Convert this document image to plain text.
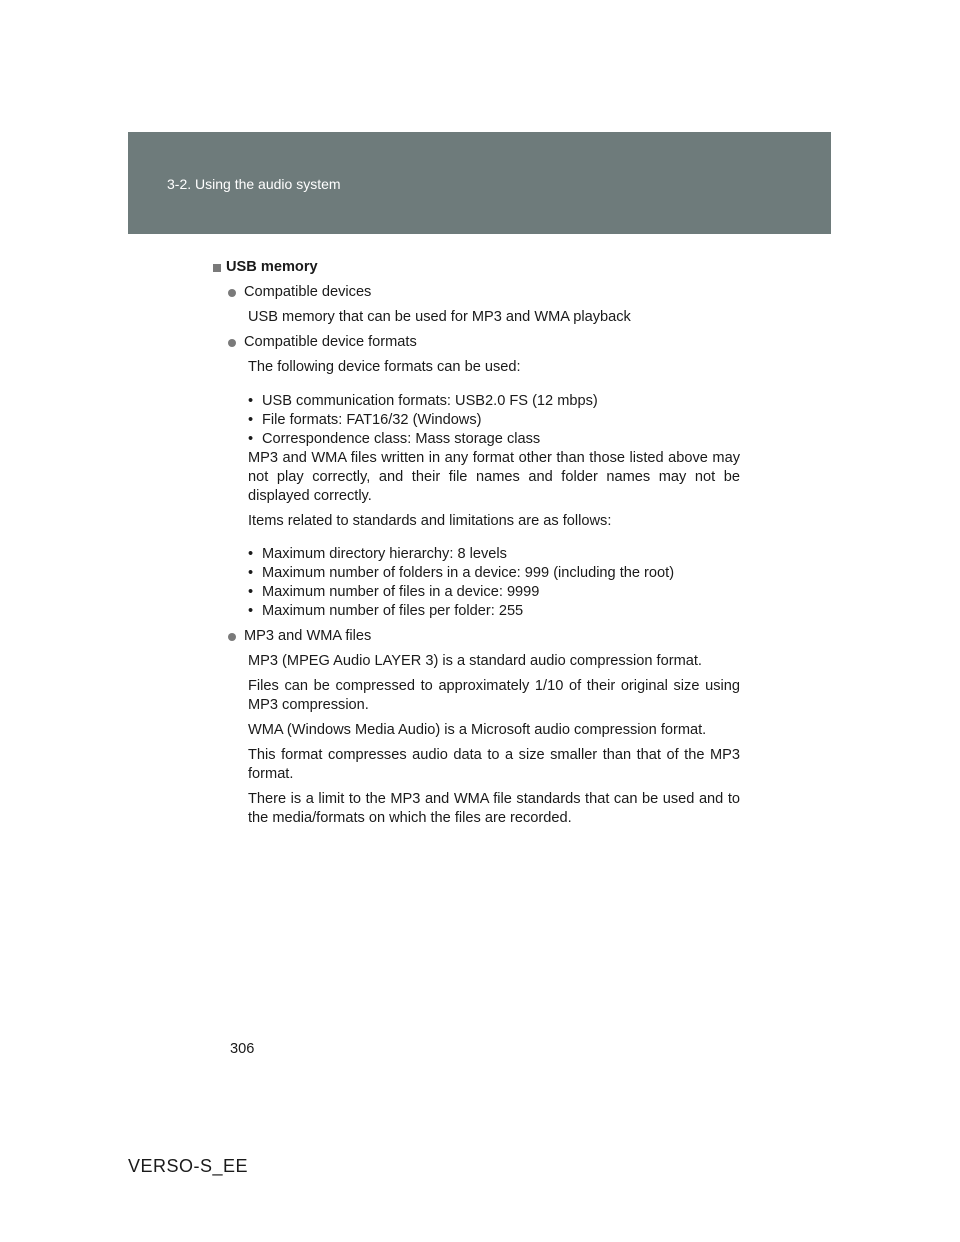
3-2. Using the audio system
USB memory
Compatible devices
USB memory that can be used for MP3 and WMA playback
Compatible device formats
The following device formats can be used:
• USB communication formats: USB2.0 FS (12 mbps)
• File formats: FAT16/32 (Windows)
• Correspondence class: Mass storage class
MP3 and WMA files written in any format other than those listed above may not play correctly, and their file names and folder names may not be displayed correctly.
Items related to standards and limitations are as follows:
• Maximum directory hierarchy: 8 levels
• Maximum number of folders in a device: 999 (including the root)
• Maximum number of files in a device: 9999
• Maximum number of files per folder: 255
MP3 and WMA files
MP3 (MPEG Audio LAYER 3) is a standard audio compression format.
Files can be compressed to approximately 1/10 of their original size using MP3 compression.
WMA (Windows Media Audio) is a Microsoft audio compression format.
This format compresses audio data to a size smaller than that of the MP3 format.
There is a limit to the MP3 and WMA file standards that can be used and to the media/formats on which the files are recorded.
306
VERSO-S_EE
